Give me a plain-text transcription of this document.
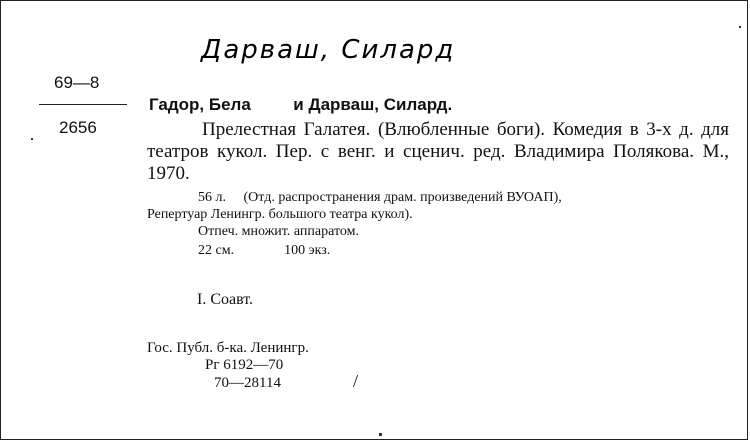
Дарваш, Силард
69—8
2656
Гадор, Бела         и Дарваш, Силард.
Прелестная Галатея. (Влюбленные боги). Комедия в 3-х д. для театров кукол. Пер. с венг. и сценич. ред. Владимира Полякова. М., 1970.
56 л.     (Отд. распространения драм. произведений ВУОАП),
Репертуар Ленингр. большого театра кукол).
Отпеч. множит. аппаратом.
22 см.	100 экз.
I. Соавт.
Гос. Публ. б-ка. Ленингр.
Рг 6192—70
70—28114	/
